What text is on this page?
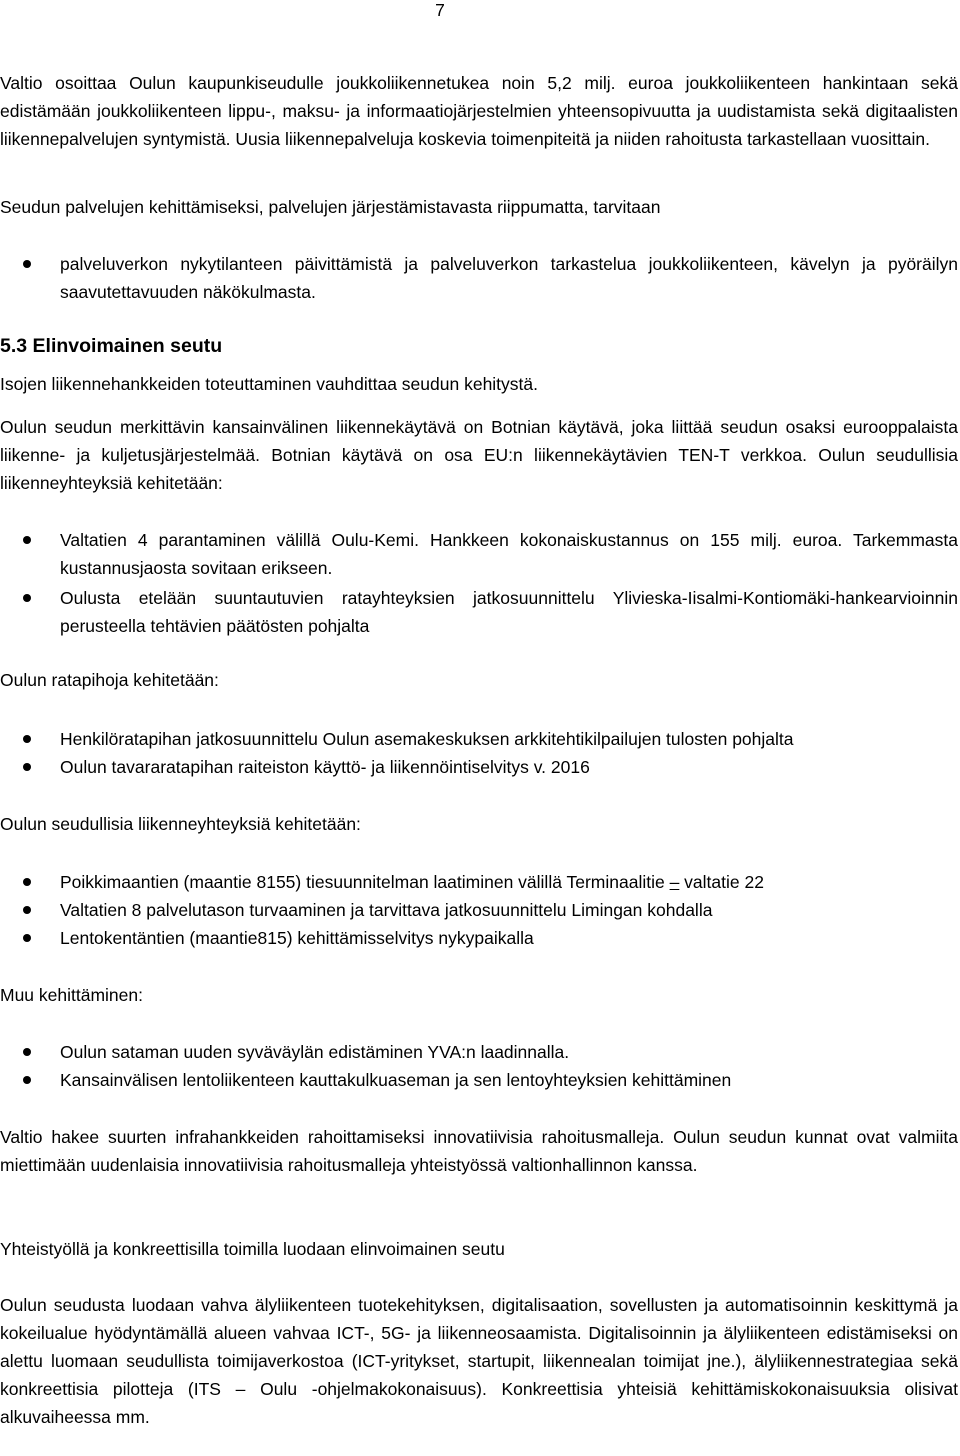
7

Valtio osoittaa Oulun kaupunkiseudulle joukkoliikennetukea noin 5,2 milj. euroa joukkoliikenteen hankintaan sekä edistämään joukkoliikenteen lippu-, maksu- ja informaatiojärjestelmien yhteensopivuutta ja uudistamista sekä digitaalisten liikennepalvelujen syntymistä. Uusia liikennepalveluja koskevia toimenpiteitä ja niiden rahoitusta tarkastellaan vuosittain.

Seudun palvelujen kehittämiseksi, palvelujen järjestämistavasta riippumatta, tarvitaan

palveluverkon nykytilanteen päivittämistä ja palveluverkon tarkastelua joukkoliikenteen, kävelyn ja pyöräilyn saavutettavuuden näkökulmasta.
5.3 Elinvoimainen seutu

Isojen liikennehankkeiden toteuttaminen vauhdittaa seudun kehitystä.

Oulun seudun merkittävin kansainvälinen liikennekäytävä on Botnian käytävä, joka liittää seudun osaksi eurooppalaista liikenne- ja kuljetusjärjestelmää. Botnian käytävä on osa EU:n liikennekäytävien TEN-T verkkoa. Oulun seudullisia liikenneyhteyksiä kehitetään:

Valtatien 4 parantaminen välillä Oulu-Kemi. Hankkeen kokonaiskustannus on 155 milj. euroa. Tarkemmasta kustannusjaosta sovitaan erikseen.
Oulusta etelään suuntautuvien ratayhteyksien jatkosuunnittelu Ylivieska-Iisalmi-Kontiomäki-hankearvioinnin perusteella tehtävien päätösten pohjalta

Oulun ratapihoja kehitetään:

Henkilöratapihan jatkosuunnittelu Oulun asemakeskuksen arkkitehtikilpailujen tulosten pohjalta
Oulun tavararatapihan raiteiston käyttö- ja liikennöintiselvitys v. 2016

Oulun seudullisia liikenneyhteyksiä kehitetään:

Poikkimaantien (maantie 8155) tiesuunnitelman laatiminen välillä Terminaalitie – valtatie 22
Valtatien 8 palvelutason turvaaminen ja tarvittava jatkosuunnittelu Limingan kohdalla
Lentokentäntien (maantie815) kehittämisselvitys nykypaikalla

Muu kehittäminen:

Oulun sataman uuden syväväylän edistäminen YVA:n laadinnalla.
Kansainvälisen lentoliikenteen kauttakulkuaseman ja sen lentoyhteyksien kehittäminen

Valtio hakee suurten infrahankkeiden rahoittamiseksi innovatiivisia rahoitusmalleja. Oulun seudun kunnat ovat valmiita miettimään uudenlaisia innovatiivisia rahoitusmalleja yhteistyössä valtionhallinnon kanssa.

Yhteistyöllä ja konkreettisilla toimilla luodaan elinvoimainen seutu

Oulun seudusta luodaan vahva älyliikenteen tuotekehityksen, digitalisaation, sovellusten ja automatisoinnin keskittymä ja kokeilualue hyödyntämällä alueen vahvaa ICT-, 5G- ja liikenneosaamista. Digitalisoinnin ja älyliikenteen edistämiseksi on alettu luomaan seudullista toimijaverkostoa (ICT-yritykset, startupit, liikennealan toimijat jne.), älyliikennestrategiaa sekä konkreettisia pilotteja (ITS – Oulu -ohjelmakokonaisuus). Konkreettisia yhteisiä kehittämiskokonaisuuksia olisivat alkuvaiheessa mm.
